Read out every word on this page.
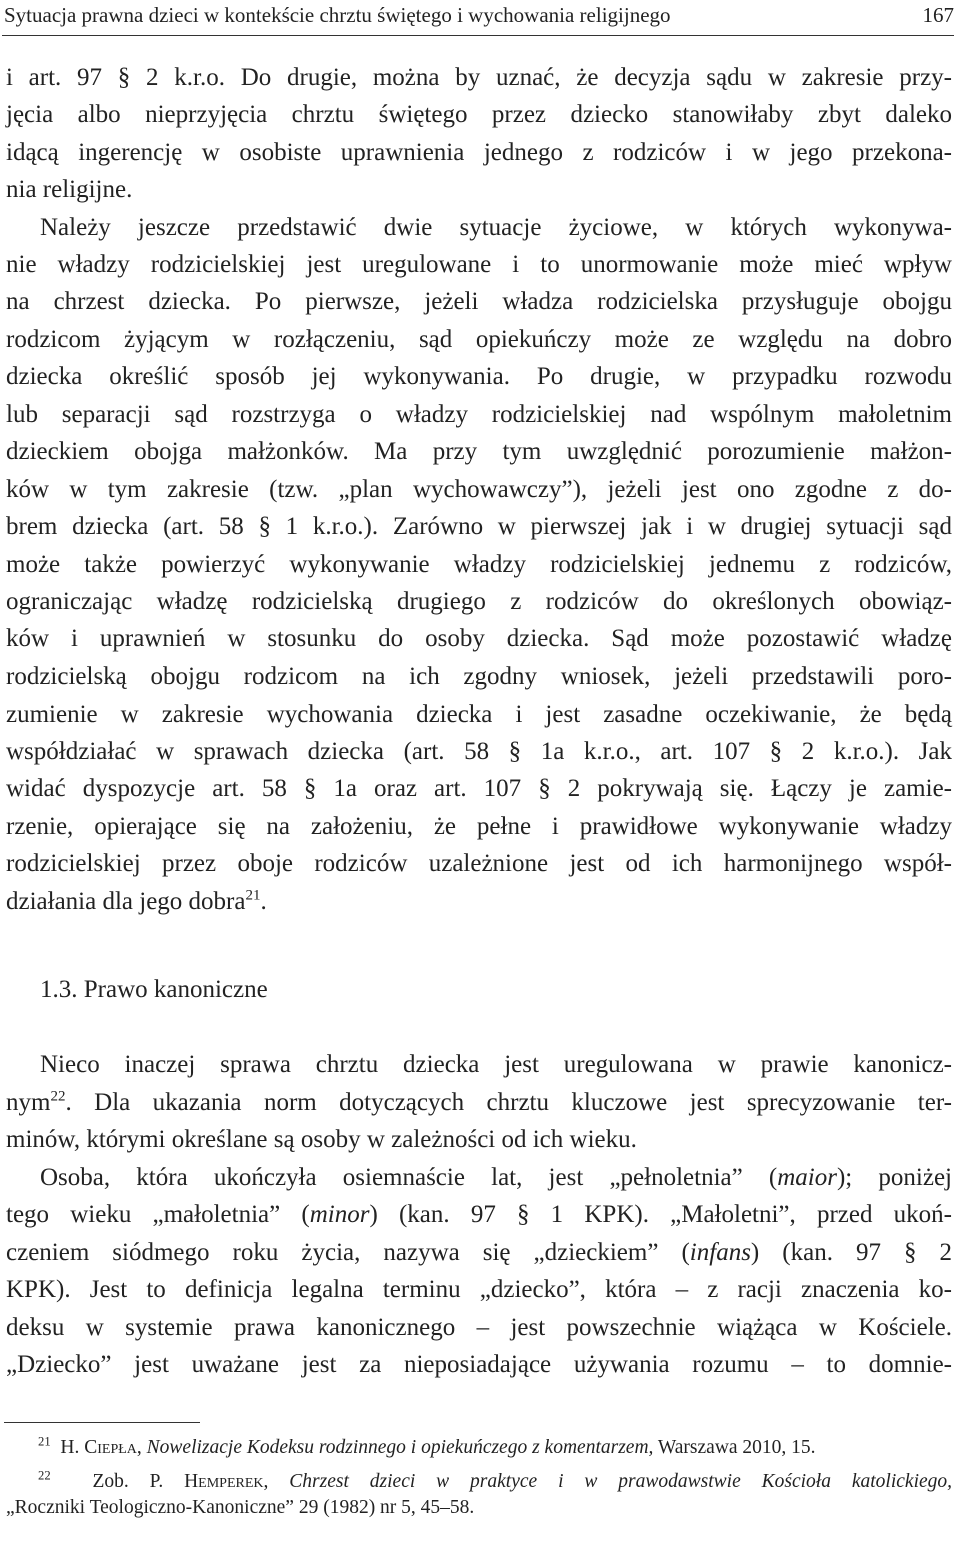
Sytuacja prawna dzieci w kontekście chrztu świętego i wychowania religijnego	167
i art. 97 § 2 k.r.o. Do drugie, można by uznać, że decyzja sądu w zakresie przy-
jęcia albo nieprzyjęcia chrztu świętego przez dziecko stanowiłaby zbyt daleko
idącą ingerencję w osobiste uprawnienia jednego z rodziców i w jego przekona-
nia religijne.
Należy jeszcze przedstawić dwie sytuacje życiowe, w których wykonywa-
nie władzy rodzicielskiej jest uregulowane i to unormowanie może mieć wpływ
na chrzest dziecka. Po pierwsze, jeżeli władza rodzicielska przysługuje obojgu
rodzicom żyjącym w rozłączeniu, sąd opiekuńczy może ze względu na dobro
dziecka określić sposób jej wykonywania. Po drugie, w przypadku rozwodu
lub separacji sąd rozstrzyga o władzy rodzicielskiej nad wspólnym małoletnim
dzieckiem obojga małżonków. Ma przy tym uwzględnić porozumienie małżon-
ków w tym zakresie (tzw. „plan wychowawczy”), jeżeli jest ono zgodne z do-
brem dziecka (art. 58 § 1 k.r.o.). Zarówno w pierwszej jak i w drugiej sytuacji sąd
może także powierzyć wykonywanie władzy rodzicielskiej jednemu z rodziców,
ograniczając władzę rodzicielską drugiego z rodziców do określonych obowiąz-
ków i uprawnień w stosunku do osoby dziecka. Sąd może pozostawić władzę
rodzicielską obojgu rodzicom na ich zgodny wniosek, jeżeli przedstawili poro-
zumienie w zakresie wychowania dziecka i jest zasadne oczekiwanie, że będą
współdziałać w sprawach dziecka (art. 58 § 1a k.r.o., art. 107 § 2 k.r.o.). Jak
widać dyspozycje art. 58 § 1a oraz art. 107 § 2 pokrywają się. Łączy je zamie-
rzenie, opierające się na założeniu, że pełne i prawidłowe wykonywanie władzy
rodzicielskiej przez oboje rodziców uzależnione jest od ich harmonijnego współ-
działania dla jego dobra$^{21}$.
1.3. Prawo kanoniczne
Nieco inaczej sprawa chrztu dziecka jest uregulowana w prawie kanonicz-
nym$^{22}$. Dla ukazania norm dotyczących chrztu kluczowe jest sprecyzowanie ter-
minów, którymi określane są osoby w zależności od ich wieku.
Osoba, która ukończyła osiemnaście lat, jest „pełnoletnia” (maior); poniżej
tego wieku „małoletnia” (minor) (kan. 97 § 1 KPK). „Małoletni”, przed ukoń-
czeniem siódmego roku życia, nazywa się „dzieckiem” (infans) (kan. 97 § 2
KPK). Jest to definicja legalna terminu „dziecko”, która – z racji znaczenia ko-
deksu w systemie prawa kanonicznego – jest powszechnie wiążąca w Kościele.
„Dziecko” jest uważane jest za nieposiadające używania rozumu – to domnie-
$^{21}$ H. Ciepła, Nowelizacje Kodeksu rodzinnego i opiekuńczego z komentarzem, Warszawa 2010, 15.
$^{22}$ Zob. P. Hemperek, Chrzest dzieci w praktyce i w prawodawstwie Kościoła katolickiego,
„Roczniki Teologiczno-Kanoniczne” 29 (1982) nr 5, 45–58.
